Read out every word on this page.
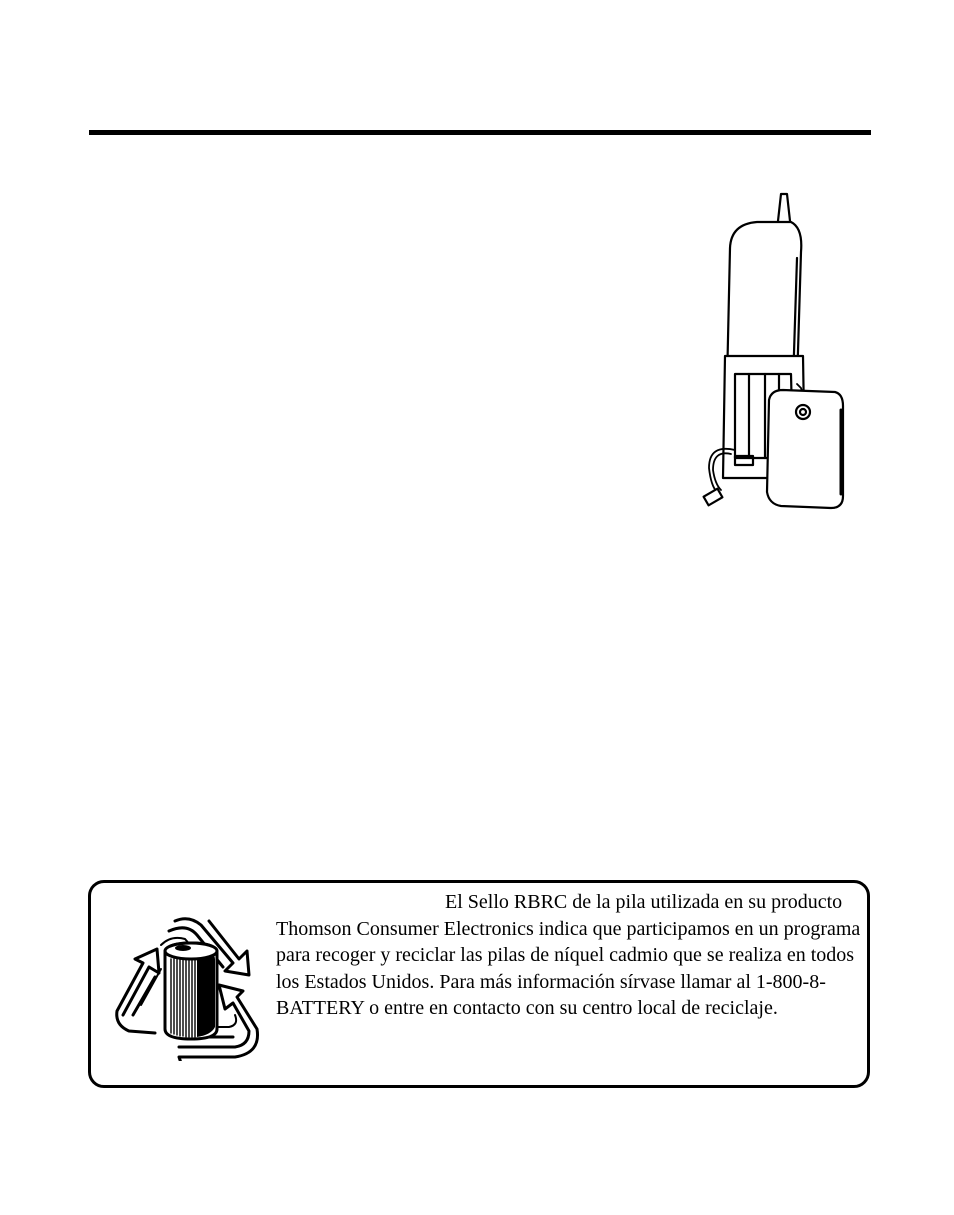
El Sello RBRC de la pila utilizada en su producto Thomson Consumer Electronics indica que participamos en un programa para recoger y reciclar las pilas de níquel cadmio que se realiza en todos los Estados Unidos. Para más información sírvase llamar al 1-800-8-BATTERY o entre en contacto con su centro local de reciclaje.
